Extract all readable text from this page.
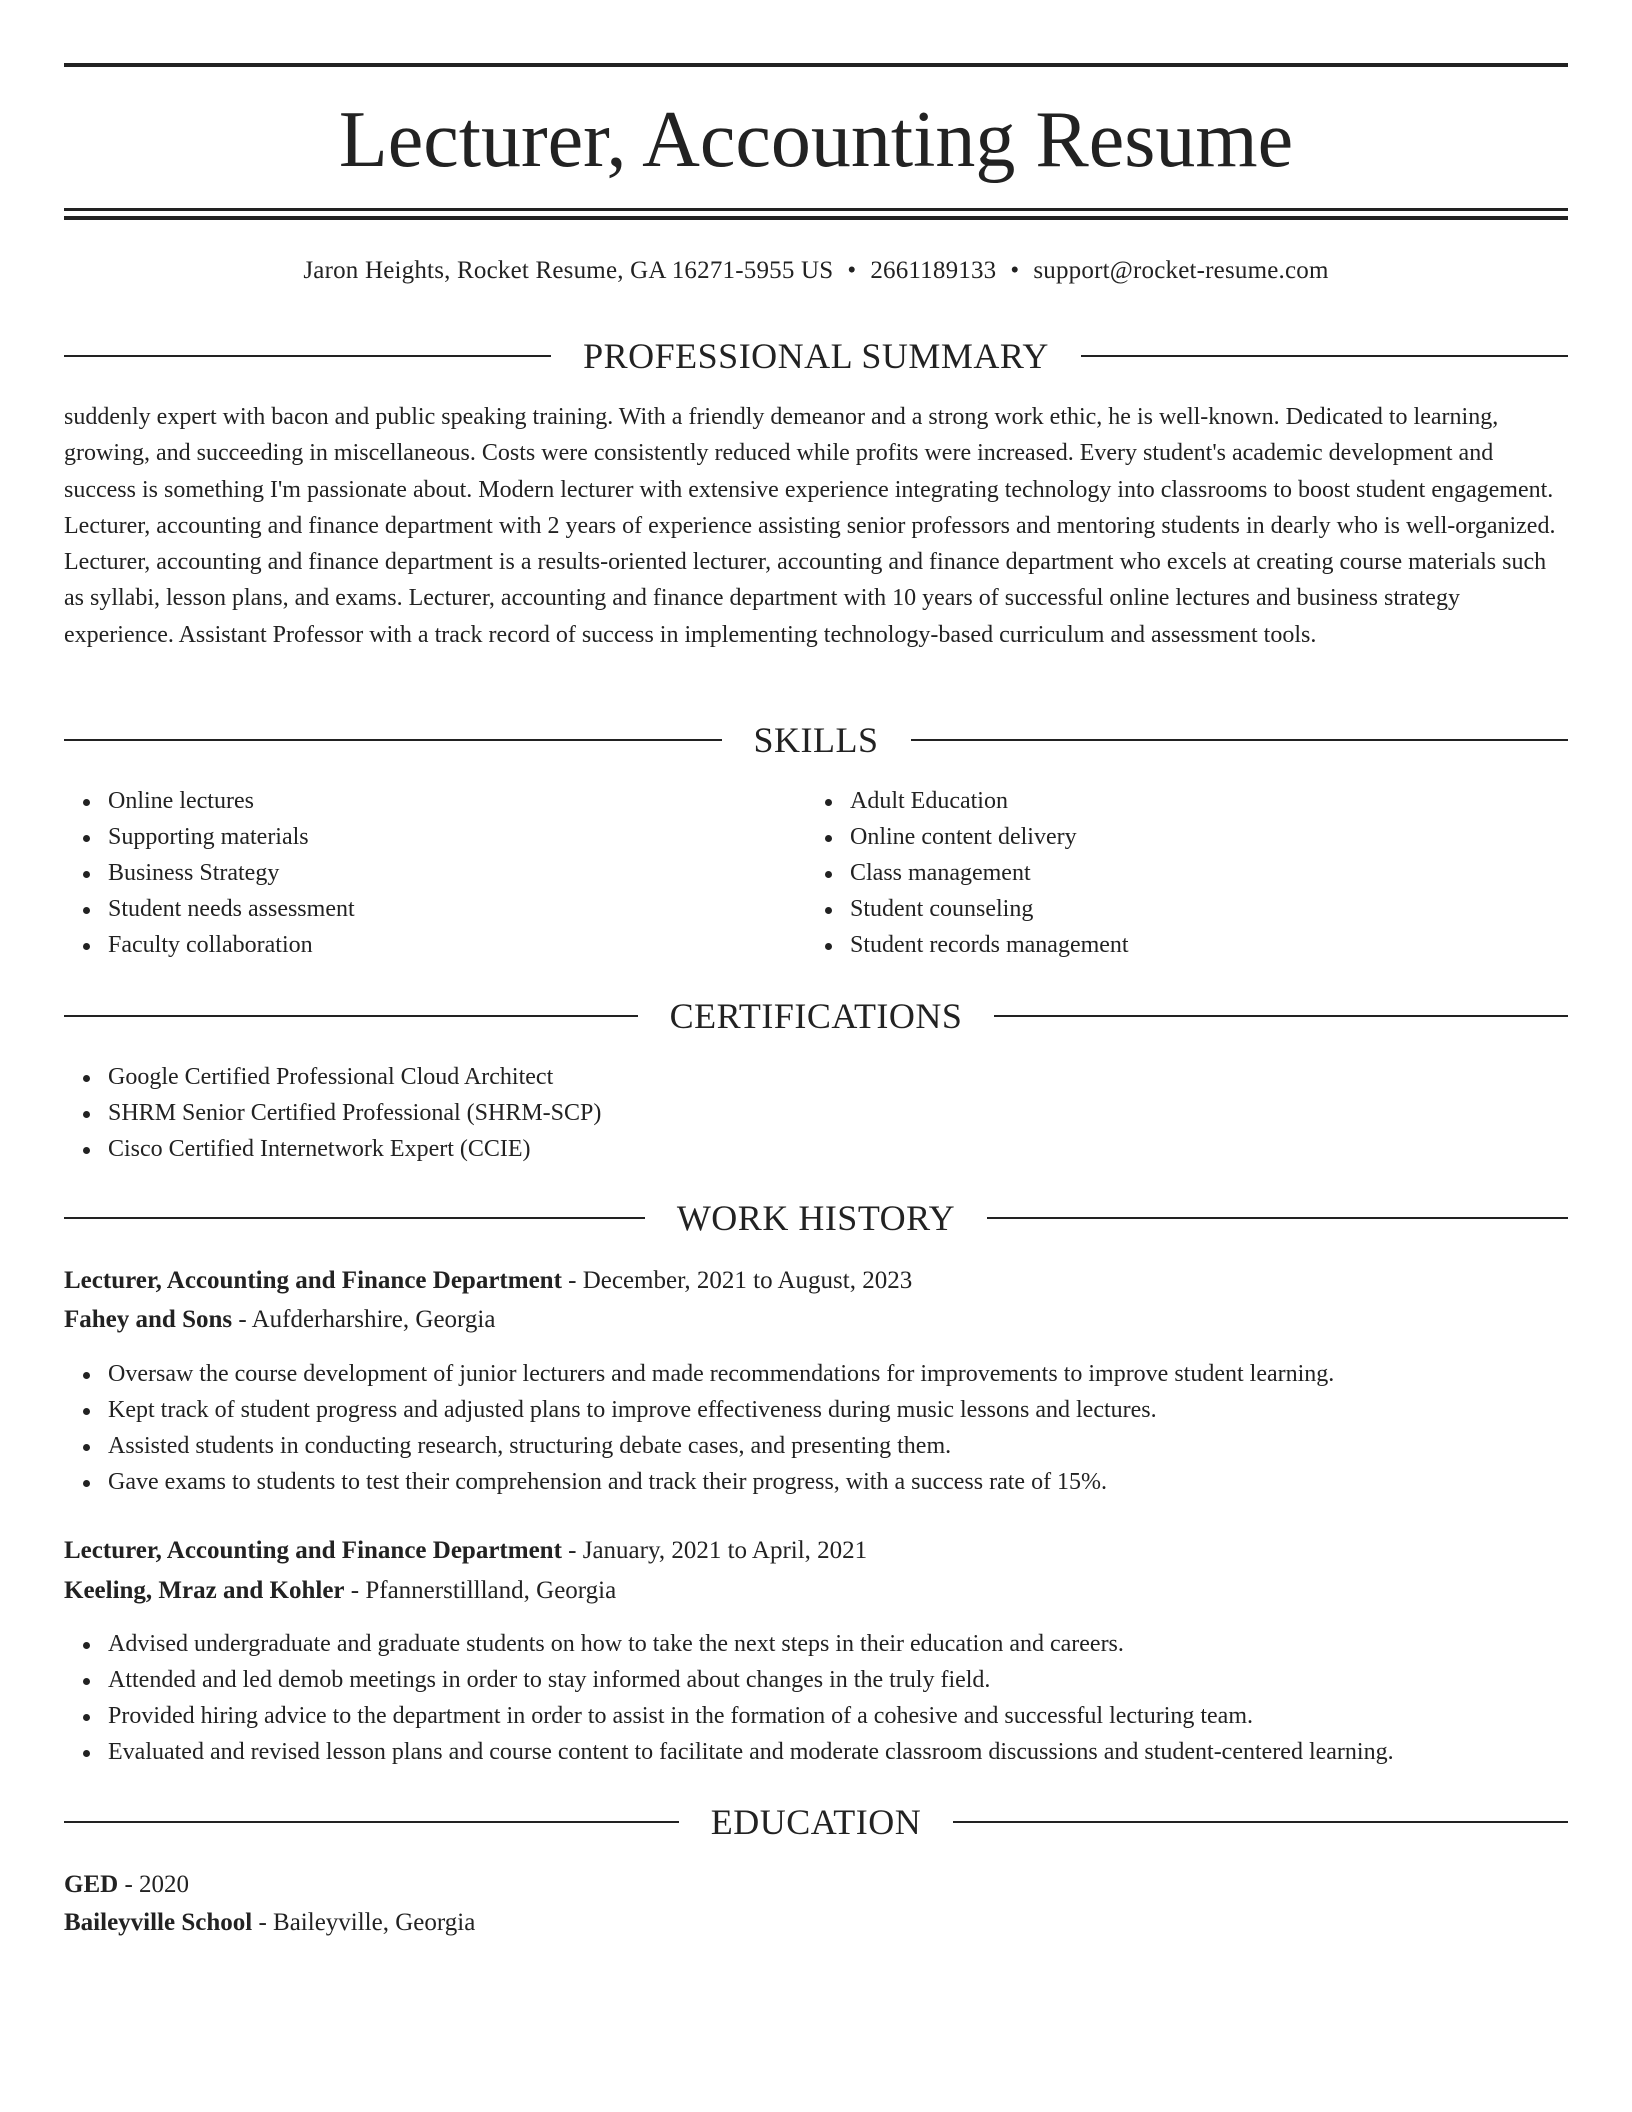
Lecturer, Accounting Resume
Jaron Heights, Rocket Resume, GA 16271-5955 US • 2661189133 • support@rocket-resume.com
PROFESSIONAL SUMMARY

suddenly expert with bacon and public speaking training. With a friendly demeanor and a strong work ethic, he is well-known. Dedicated to learning, growing, and succeeding in miscellaneous. Costs were consistently reduced while profits were increased. Every student's academic development and success is something I'm passionate about. Modern lecturer with extensive experience integrating technology into classrooms to boost student engagement. Lecturer, accounting and finance department with 2 years of experience assisting senior professors and mentoring students in dearly who is well-organized. Lecturer, accounting and finance department is a results-oriented lecturer, accounting and finance department who excels at creating course materials such as syllabi, lesson plans, and exams. Lecturer, accounting and finance department with 10 years of successful online lectures and business strategy experience. Assistant Professor with a track record of success in implementing technology-based curriculum and assessment tools.

SKILLS
Online lectures
Supporting materials
Business Strategy
Student needs assessment
Faculty collaboration
Adult Education
Online content delivery
Class management
Student counseling
Student records management
CERTIFICATIONS
Google Certified Professional Cloud Architect
SHRM Senior Certified Professional (SHRM-SCP)
Cisco Certified Internetwork Expert (CCIE)
WORK HISTORY
Lecturer, Accounting and Finance Department - December, 2021 to August, 2023
Fahey and Sons - Aufderharshire, Georgia
Oversaw the course development of junior lecturers and made recommendations for improvements to improve student learning.
Kept track of student progress and adjusted plans to improve effectiveness during music lessons and lectures.
Assisted students in conducting research, structuring debate cases, and presenting them.
Gave exams to students to test their comprehension and track their progress, with a success rate of 15%.
Lecturer, Accounting and Finance Department - January, 2021 to April, 2021
Keeling, Mraz and Kohler - Pfannerstillland, Georgia
Advised undergraduate and graduate students on how to take the next steps in their education and careers.
Attended and led demob meetings in order to stay informed about changes in the truly field.
Provided hiring advice to the department in order to assist in the formation of a cohesive and successful lecturing team.
Evaluated and revised lesson plans and course content to facilitate and moderate classroom discussions and student-centered learning.
EDUCATION
GED - 2020
Baileyville School - Baileyville, Georgia
